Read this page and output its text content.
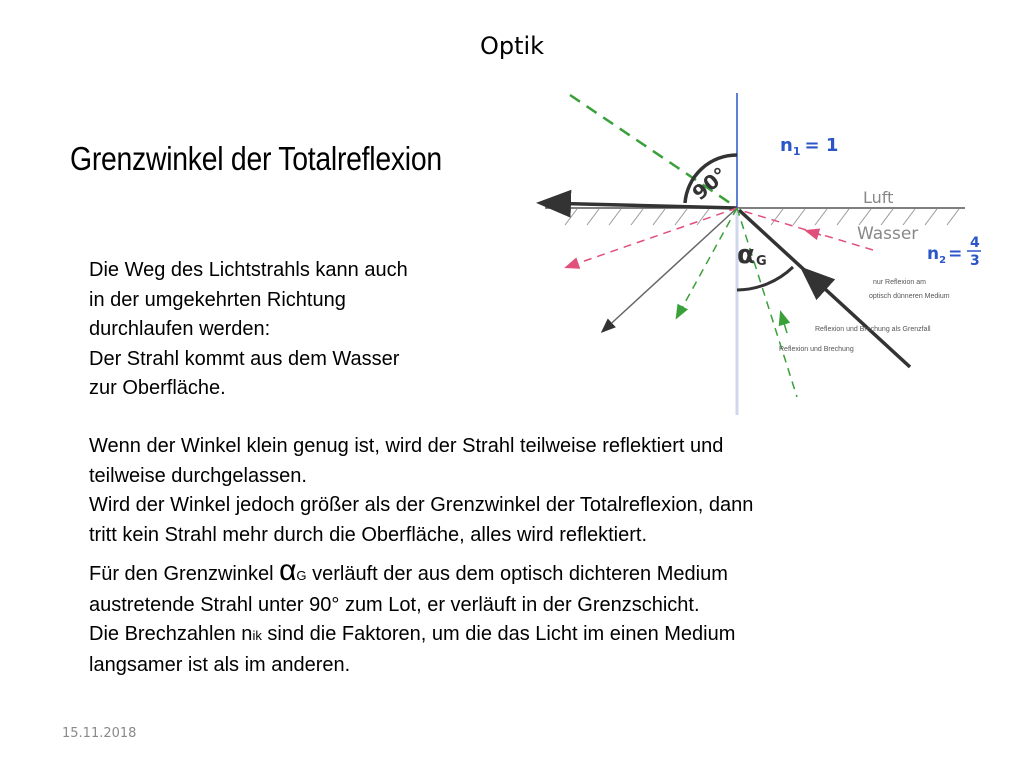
Optik
Grenzwinkel der Totalreflexion
Die Weg des Lichtstrahls kann auch
in der umgekehrten Richtung
durchlaufen werden:
Der Strahl kommt aus dem Wasser
zur Oberfläche.
Wenn der Winkel klein genug ist, wird der Strahl teilweise reflektiert und
teilweise durchgelassen.
Wird der Winkel jedoch größer als der Grenzwinkel der Totalreflexion, dann
tritt kein Strahl mehr durch die Oberfläche, alles wird reflektiert.
Für den Grenzwinkel αG verläuft der aus dem optisch dichteren Medium
austretende Strahl unter 90° zum Lot, er verläuft in der Grenzschicht.
Die Brechzahlen nik sind die Faktoren, um die das Licht im einen Medium
langsamer ist als im anderen.
90°
α G
$n_1 = 1$
Luft
Wasser
$n_2$ =
4
3
nur Reflexion am
optisch dünneren Medium
Reflexion und Brechung als Grenzfall
Reflexion und Brechung
15.11.2018
